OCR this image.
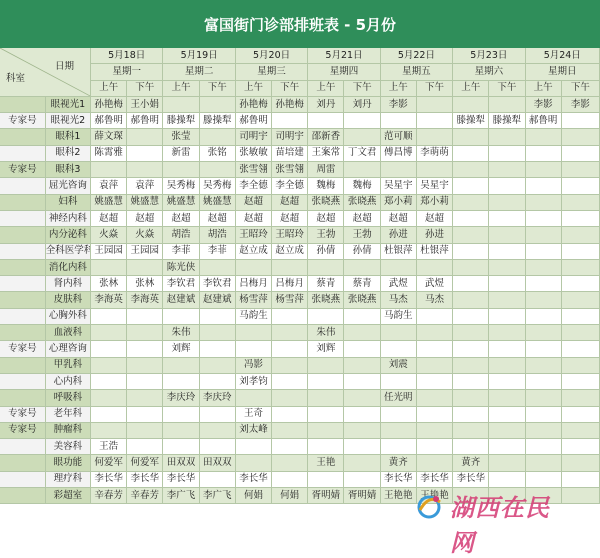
富国街门诊部排班表 - 5月份
日期
科室		5月18日		5月19日		5月20日		5月21日		5月22日		5月23日		5月24日	
		星期一		星期二		星期三		星期四		星期五		星期六		星期日	
		上午	下午	上午	下午	上午	下午	上午	下午	上午	下午	上午	下午	上午	下午
	眼视光1	孙艳梅	王小娟			孙艳梅	孙艳梅	刘丹	刘丹	李影				李影	李影
专家号	眼视光2	郝鲁明	郝鲁明	滕操犁	滕操犁	郝鲁明						滕操犁	滕操犁	郝鲁明	
	眼科1	薛文琛		张莹		司明宇	司明宇	邵新香		范可顺					
	眼科2	陈霄雅		新雷	张铭	张敏敏	苗培建	王案常	丁文君	傅昌博	李萌萌				
专家号	眼科3					张雪翎	张雪翎	周雷							
	屈光咨询	袁萍	袁萍	吴秀梅	吴秀梅	李全德	李全德	魏梅	魏梅	吴星宇	吴星宇				
	妇科	姚盛慧	姚盛慧	姚盛慧	姚盛慧	赵超	赵超	张晓燕	张晓燕	郑小莉	郑小莉				
	神经内科	赵超	赵超	赵超	赵超	赵超	赵超	赵超	赵超	赵超	赵超				
	内分泌科	火焱	火焱	胡浩	胡浩	王昭玲	王昭玲	王勃	王勃	孙进	孙进				
	全科医学科	王园园	王园园	李菲	李菲	赵立成	赵立成	孙倩	孙倩	杜银萍	杜银萍				
	消化内科			陈光侠											
	肾内科	张林	张林	李钦君	李钦君	吕梅月	吕梅月	蔡青	蔡青	武煜	武煜				
	皮肤科	李海英	李海英	赵建斌	赵建斌	杨雪萍	杨雪萍	张晓燕	张晓燕	马杰	马杰				
	心胸外科					马韵生				马韵生					
	血液科			朱伟				朱伟							
专家号	心理咨询			刘辉				刘辉							
	甲乳科					冯影				刘震					
	心内科					刘孝钧									
	呼吸科			李庆玲	李庆玲					任光明					
专家号	老年科					王奇									
专家号	肿瘤科					刘太峰									
	美容科	王浩													
	眼功能	何爱军	何爱军	田双双	田双双			王艳		黄齐		黄齐			
	理疗科	李长华	李长华	李长华		李长华				李长华	李长华	李长华			
	彩超室	辛春芳	辛春芳	李广飞	李广飞	何娟	何娟	胥明婧	胥明婧	王艳艳	王艳艳				
湖西在民
